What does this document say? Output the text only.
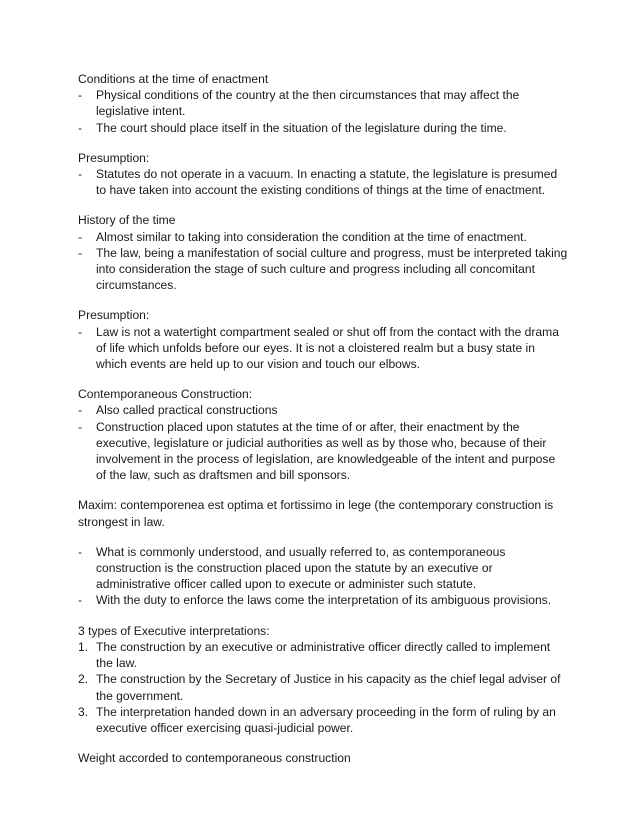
Conditions at the time of enactment

- Physical conditions of the country at the then circumstances that may affect the legislative intent.
- The court should place itself in the situation of the legislature during the time.

Presumption:

- Statutes do not operate in a vacuum. In enacting a statute, the legislature is presumed to have taken into account the existing conditions of things at the time of enactment.

History of the time

- Almost similar to taking into consideration the condition at the time of enactment.
- The law, being a manifestation of social culture and progress, must be interpreted taking into consideration the stage of such culture and progress including all concomitant circumstances.

Presumption:

- Law is not a watertight compartment sealed or shut off from the contact with the drama of life which unfolds before our eyes. It is not a cloistered realm but a busy state in which events are held up to our vision and touch our elbows.

Contemporaneous Construction:

- Also called practical constructions
- Construction placed upon statutes at the time of or after, their enactment by the executive, legislature or judicial authorities as well as by those who, because of their involvement in the process of legislation, are knowledgeable of the intent and purpose of the law, such as draftsmen and bill sponsors.

Maxim: contemporenea est optima et fortissimo in lege (the contemporary construction is strongest in law.

- What is commonly understood, and usually referred to, as contemporaneous construction is the construction placed upon the statute by an executive or administrative officer called upon to execute or administer such statute.
- With the duty to enforce the laws come the interpretation of its ambiguous provisions.

3 types of Executive interpretations:

1. The construction by an executive or administrative officer directly called to implement the law.
2. The construction by the Secretary of Justice in his capacity as the chief legal adviser of the government.
3. The interpretation handed down in an adversary proceeding in the form of ruling by an executive officer exercising quasi-judicial power.

Weight accorded to contemporaneous construction
